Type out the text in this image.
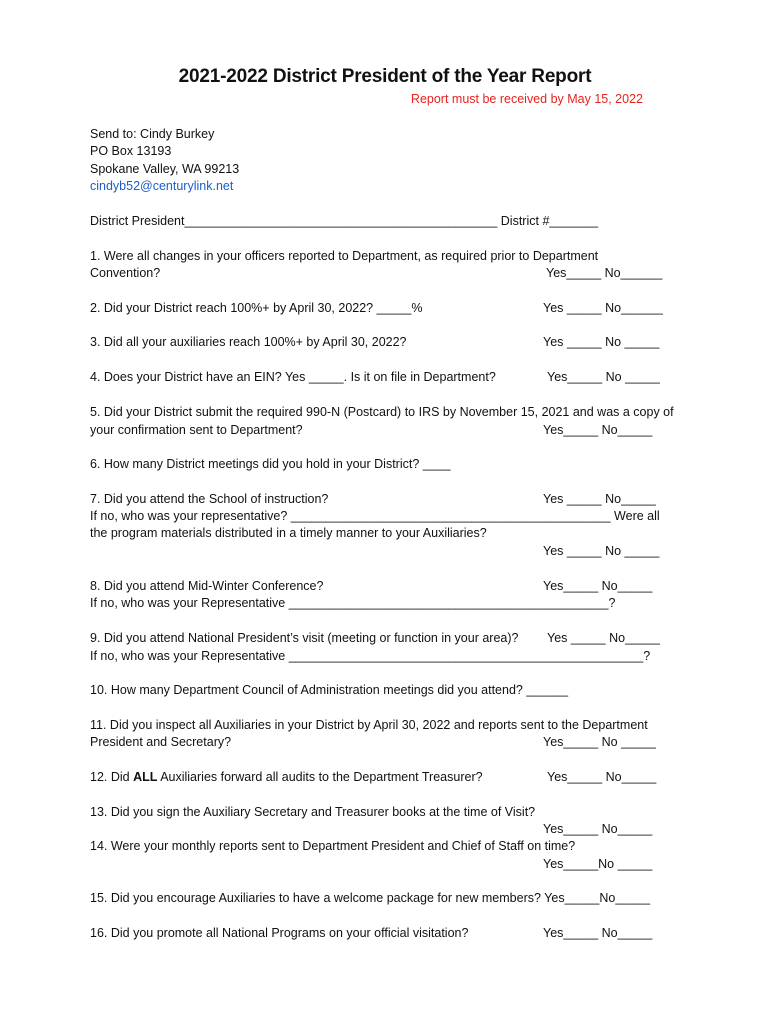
2021-2022 District President of the Year Report
Report must be received by May 15, 2022
Send to: Cindy Burkey
PO Box 13193
Spokane Valley, WA 99213
cindyb52@centurylink.net
District President_____________________________________________ District #_______
1. Were all changes in your officers reported to Department, as required prior to Department
Convention?	Yes_____ No______
2. Did your District reach 100%+ by April 30, 2022? _____%	Yes _____ No______
3. Did all your auxiliaries reach 100%+ by April 30, 2022?	Yes _____ No _____
4. Does your District have an EIN? Yes _____. Is it on file in Department?	Yes_____ No _____
5. Did your District submit the required 990-N (Postcard) to IRS by November 15, 2021 and was a copy of
your confirmation sent to Department?	Yes_____ No_____
6. How many District meetings did you hold in your District? ____
7. Did you attend the School of instruction?	Yes _____ No_____
If no, who was your representative? ______________________________________________ Were all
the program materials distributed in a timely manner to your Auxiliaries?
Yes _____ No _____
8. Did you attend Mid-Winter Conference?	Yes_____ No_____
If no, who was your Representative ______________________________________________?
9. Did you attend National President’s visit (meeting or function in your area)? Yes _____ No_____
If no, who was your Representative ___________________________________________________?
10. How many Department Council of Administration meetings did you attend? ______
11. Did you inspect all Auxiliaries in your District by April 30, 2022 and reports sent to the Department
President and Secretary?	Yes_____ No _____
12. Did ALL Auxiliaries forward all audits to the Department Treasurer?	Yes_____ No_____
13. Did you sign the Auxiliary Secretary and Treasurer books at the time of Visit?
Yes_____ No_____
14. Were your monthly reports sent to Department President and Chief of Staff on time?
Yes_____No _____
15. Did you encourage Auxiliaries to have a welcome package for new members? Yes_____No_____
16. Did you promote all National Programs on your official visitation?	Yes_____ No_____
